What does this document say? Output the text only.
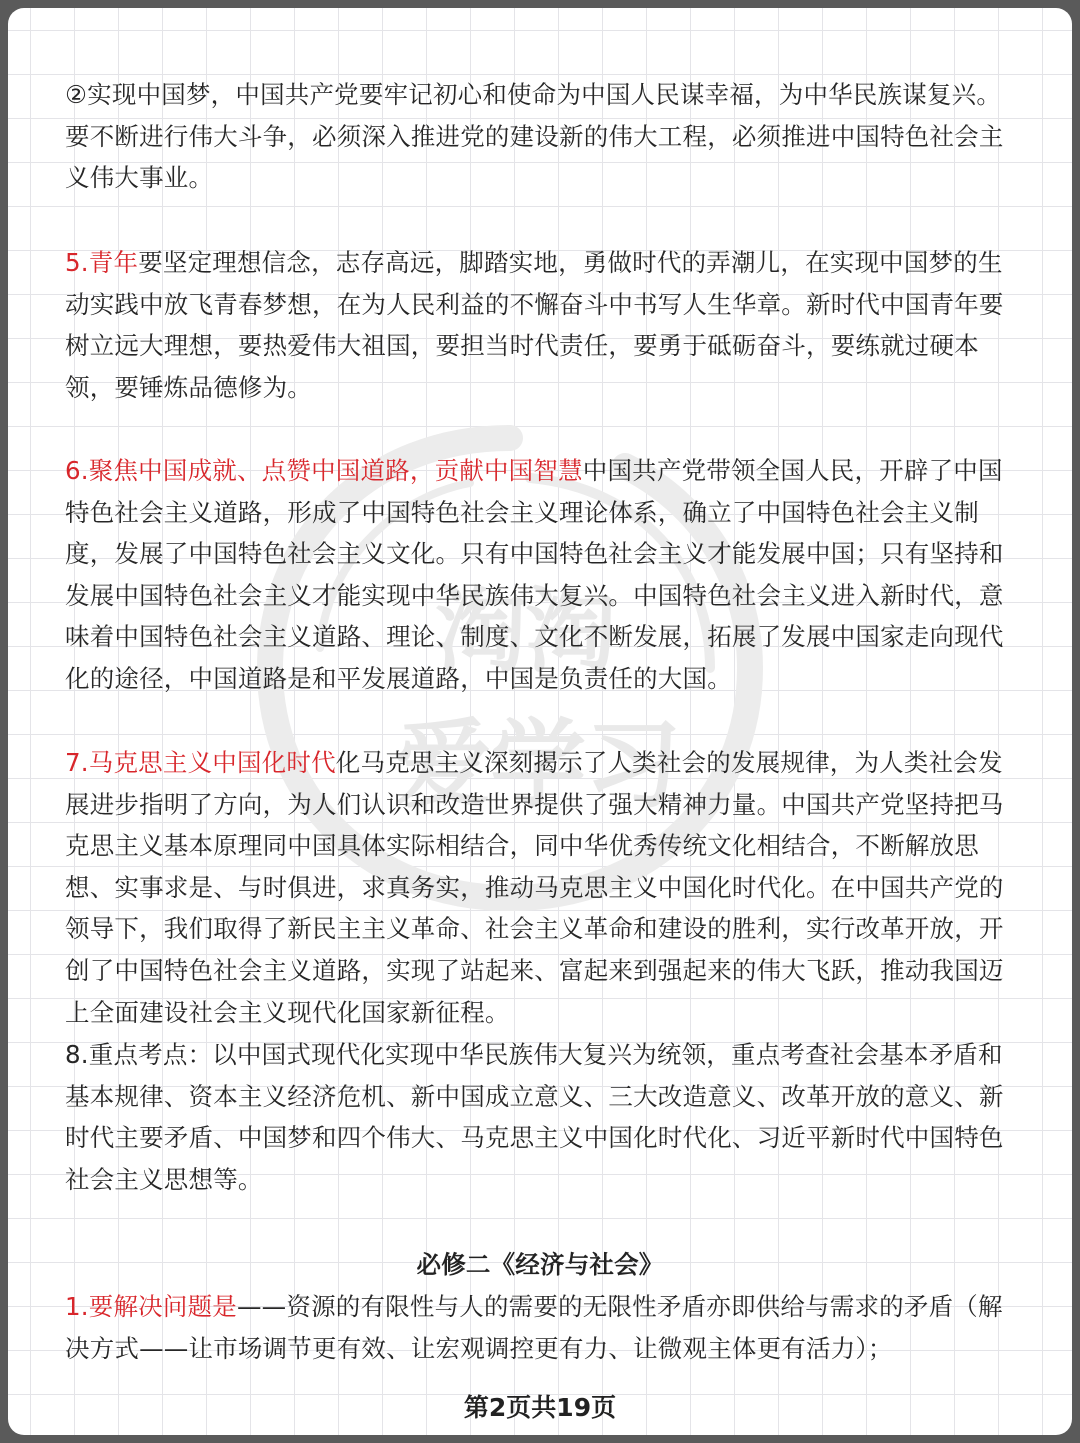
淘
淘
爱 学 习

②实现中国梦，中国共产党要牢记初心和使命为中国人民谋幸福，为中华民族谋复兴。要不断进行伟大斗争，必须深入推进党的建设新的伟大工程，必须推进中国特色社会主义伟大事业。

5.青年要坚定理想信念，志存高远，脚踏实地，勇做时代的弄潮儿，在实现中国梦的生动实践中放飞青春梦想，在为人民利益的不懈奋斗中书写人生华章。新时代中国青年要树立远大理想，要热爱伟大祖国，要担当时代责任，要勇于砥砺奋斗，要练就过硬本领，要锤炼品德修为。

6.聚焦中国成就、点赞中国道路，贡献中国智慧中国共产党带领全国人民，开辟了中国特色社会主义道路，形成了中国特色社会主义理论体系，确立了中国特色社会主义制度，发展了中国特色社会主义文化。只有中国特色社会主义才能发展中国；只有坚持和发展中国特色社会主义才能实现中华民族伟大复兴。中国特色社会主义进入新时代，意味着中国特色社会主义道路、理论、制度、文化不断发展，拓展了发展中国家走向现代化的途径，中国道路是和平发展道路，中国是负责任的大国。

7.马克思主义中国化时代化马克思主义深刻揭示了人类社会的发展规律，为人类社会发展进步指明了方向，为人们认识和改造世界提供了强大精神力量。中国共产党坚持把马克思主义基本原理同中国具体实际相结合，同中华优秀传统文化相结合，不断解放思想、实事求是、与时俱进，求真务实，推动马克思主义中国化时代化。在中国共产党的领导下，我们取得了新民主主义革命、社会主义革命和建设的胜利，实行改革开放，开创了中国特色社会主义道路，实现了站起来、富起来到强起来的伟大飞跃，推动我国迈上全面建设社会主义现代化国家新征程。

8.重点考点：以中国式现代化实现中华民族伟大复兴为统领，重点考查社会基本矛盾和基本规律、资本主义经济危机、新中国成立意义、三大改造意义、改革开放的意义、新时代主要矛盾、中国梦和四个伟大、马克思主义中国化时代化、习近平新时代中国特色社会主义思想等。

必修二《经济与社会》

1.要解决问题是——资源的有限性与人的需要的无限性矛盾亦即供给与需求的矛盾（解决方式——让市场调节更有效、让宏观调控更有力、让微观主体更有活力）；

第2页共19页
